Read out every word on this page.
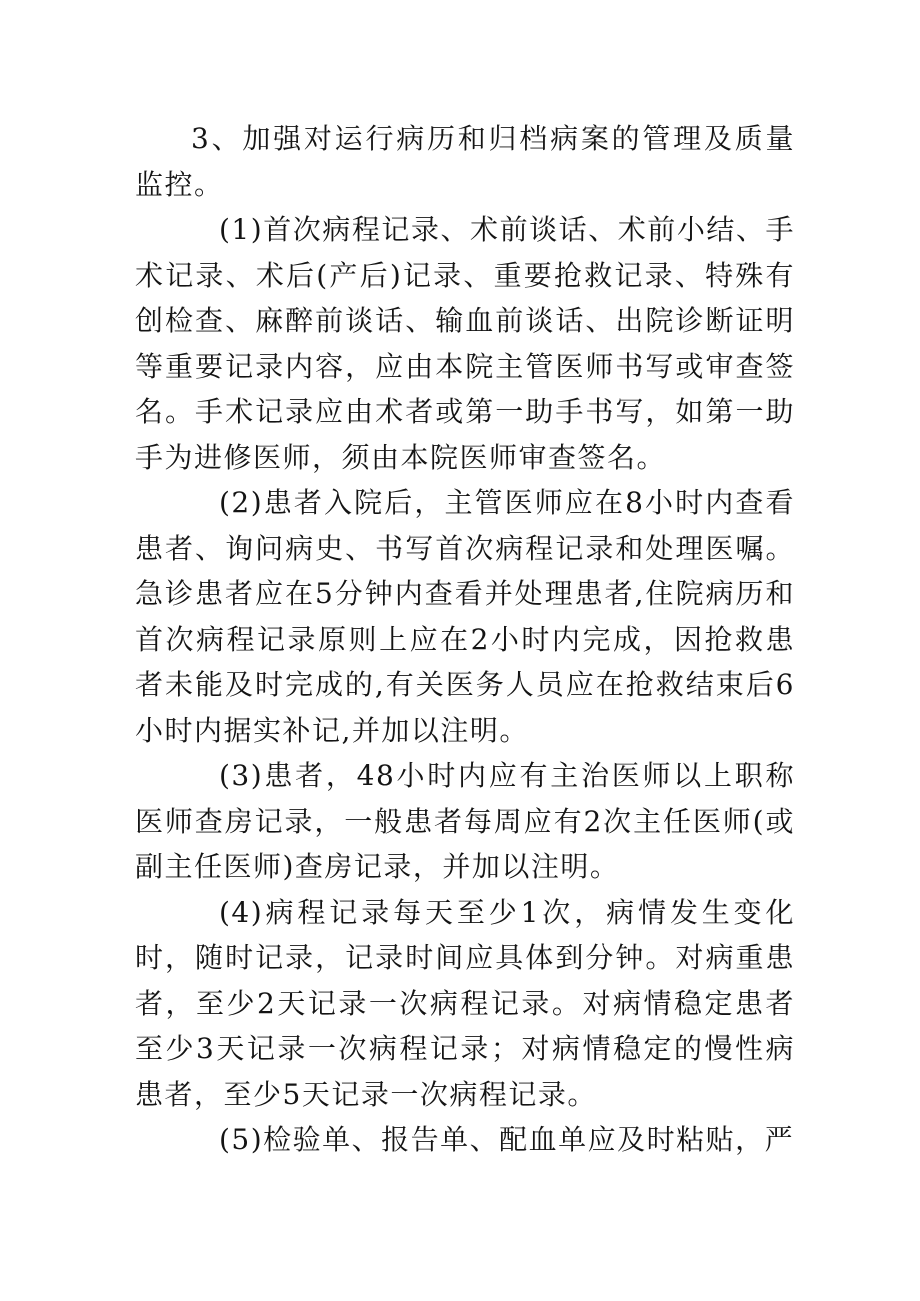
3、加强对运行病历和归档病案的管理及质量监控。

(1)首次病程记录、术前谈话、术前小结、手术记录、术后(产后)记录、重要抢救记录、特殊有创检查、麻醉前谈话、输血前谈话、出院诊断证明等重要记录内容，应由本院主管医师书写或审查签名。手术记录应由术者或第一助手书写，如第一助手为进修医师，须由本院医师审查签名。

(2)患者入院后，主管医师应在8小时内查看患者、询问病史、书写首次病程记录和处理医嘱。急诊患者应在5分钟内查看并处理患者,住院病历和首次病程记录原则上应在2小时内完成，因抢救患者未能及时完成的,有关医务人员应在抢救结束后6小时内据实补记,并加以注明。

(3)患者，48小时内应有主治医师以上职称医师查房记录，一般患者每周应有2次主任医师(或副主任医师)查房记录，并加以注明。

(4)病程记录每天至少1次，病情发生变化时，随时记录，记录时间应具体到分钟。对病重患者，至少2天记录一次病程记录。对病情稳定患者至少3天记录一次病程记录；对病情稳定的慢性病患者，至少5天记录一次病程记录。

(5)检验单、报告单、配血单应及时粘贴，严
